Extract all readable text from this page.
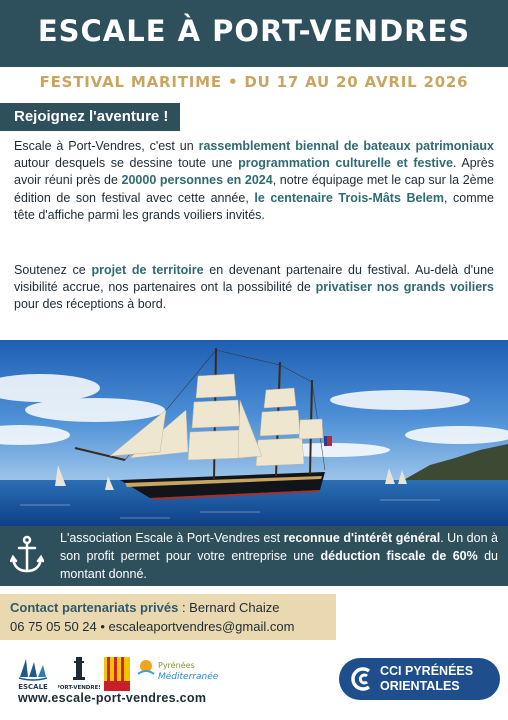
ESCALE À PORT-VENDRES
FESTIVAL MARITIME • DU 17 AU 20 AVRIL 2026
Rejoignez l'aventure !

Escale à Port-Vendres, c'est un rassemblement biennal de bateaux patrimoniaux autour desquels se dessine toute une programmation culturelle et festive. Après avoir réuni près de 20000 personnes en 2024, notre équipage met le cap sur la 2ème édition de son festival avec cette année, le centenaire Trois-Mâts Belem, comme tête d'affiche parmi les grands voiliers invités.

Soutenez ce projet de territoire en devenant partenaire du festival. Au-delà d'une visibilité accrue, nos partenaires ont la possibilité de privatiser nos grands voiliers pour des réceptions à bord.

L'association Escale à Port-Vendres est reconnue d'intérêt général. Un don à son profit permet pour votre entreprise une déduction fiscale de 60% du montant donné.

Contact partenariats privés : Bernard Chaize
06 75 05 50 24 • escaleaportvendres@gmail.com
ESCALE PORT-VENDRES
Pyrénées
Méditerranée
www.escale-port-vendres.com
CCI PYRÉNÉES
ORIENTALES
